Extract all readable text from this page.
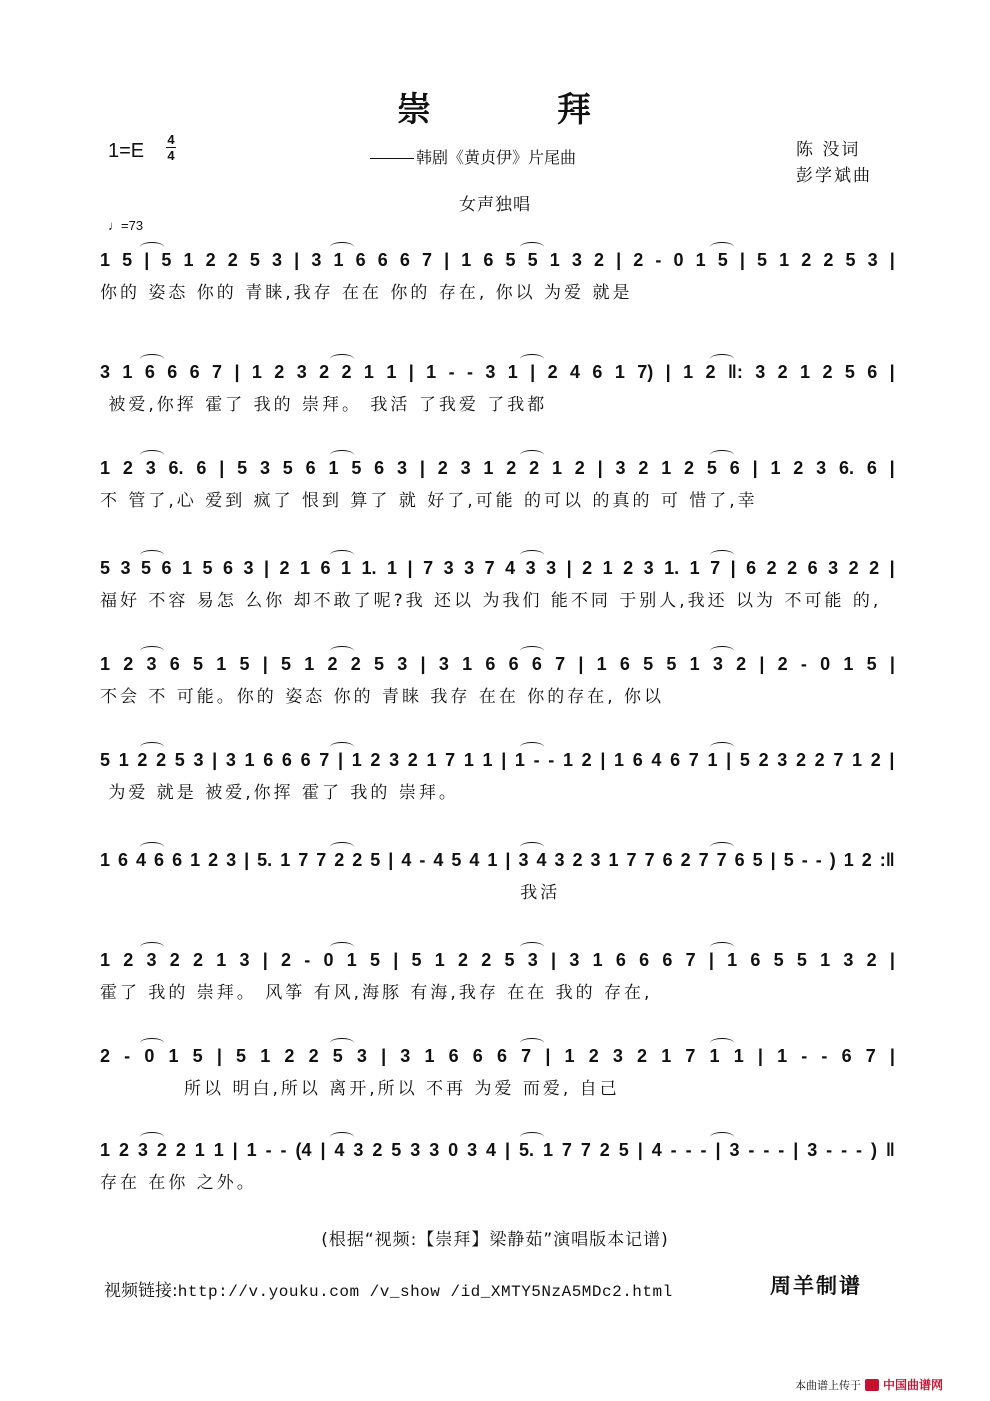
崇	拜
1=E
4
4	韩剧《黄贞伊》片尾曲	陈 没词
彭学斌曲
女声独唱
♩=73
1 5 | 5 1 2 2 5 3 | 3 1 6 6 6 7 | 1 6 5 5 1 3 2 | 2 - 0 1 5 | 5 1 2 2 5 3 |
你的 姿态 你的 青睐,我存 在在 你的 存在, 你以 为爱 就是
3 1 6 6 6 7 | 1 2 3 2 2 1 1 | 1 - - 3 1 | 2 4 6 1 7) | 1 2 ‖: 3 2 1 2 5 6 |
被爱,你挥 霍了 我的 崇拜。 我活 了我爱 了我都
1 2 3 6. 6 | 5 3 5 6 1 5 6 3 | 2 3 1 2 2 1 2 | 3 2 1 2 5 6 | 1 2 3 6. 6 |
不 管了,心 爱到 疯了 恨到 算了 就 好了,可能 的可以 的真的 可 惜了,幸
5 3 5 6 1 5 6 3 | 2 1 6 1 1. 1 | 7 3 3 7 4 3 3 | 2 1 2 3 1. 1 7 | 6 2 2 6 3 2 2 |
福好 不容 易怎 么你 却不敢了呢?我 还以 为我们 能不同 于别人,我还 以为 不可能 的,
1 2 3 6 5 1 5 | 5 1 2 2 5 3 | 3 1 6 6 6 7 | 1 6 5 5 1 3 2 | 2 - 0 1 5 |
不会 不 可能。你的 姿态 你的 青睐 我存 在在 你的存在, 你以
5 1 2 2 5 3 | 3 1 6 6 6 7 | 1 2 3 2 1 7 1 1 | 1 - - 1 2 | 1 6 4 6 7 1 | 5 2 3 2 2 7 1 2 |
为爱 就是 被爱,你挥 霍了 我的 崇拜。
1 6 4 6 6 1 2 3 | 5. 1 7 7 2 2 5 | 4 - 4 5 4 1 | 3 4 3 2 3 1 7 7 6 2 7 7 6 5 | 5 - - ) 1 2 :‖
我活
1 2 3 2 2 1 3 | 2 - 0 1 5 | 5 1 2 2 5 3 | 3 1 6 6 6 7 | 1 6 5 5 1 3 2 |
霍了 我的 崇拜。 风筝 有风,海豚 有海,我存 在在 我的 存在,
2 - 0 1 5 | 5 1 2 2 5 3 | 3 1 6 6 6 7 | 1 2 3 2 1 7 1 1 | 1 - - 6 7 |
所以 明白,所以 离开,所以 不再 为爱 而爱, 自己
1 2 3 2 2 1 1 | 1 - - (4 | 4 3 2 5 3 3 0 3 4 | 5. 1 7 7 2 5 | 4 - - - | 3 - - - | 3 - - - ) ‖
存在 在你 之外。
(根据“视频:【崇拜】梁静茹”演唱版本记谱)
视频链接:http://v.youku.com /v_show /id_XMTY5NzA5MDc2.html	周羊制谱
本曲谱上传于 中国曲谱网
